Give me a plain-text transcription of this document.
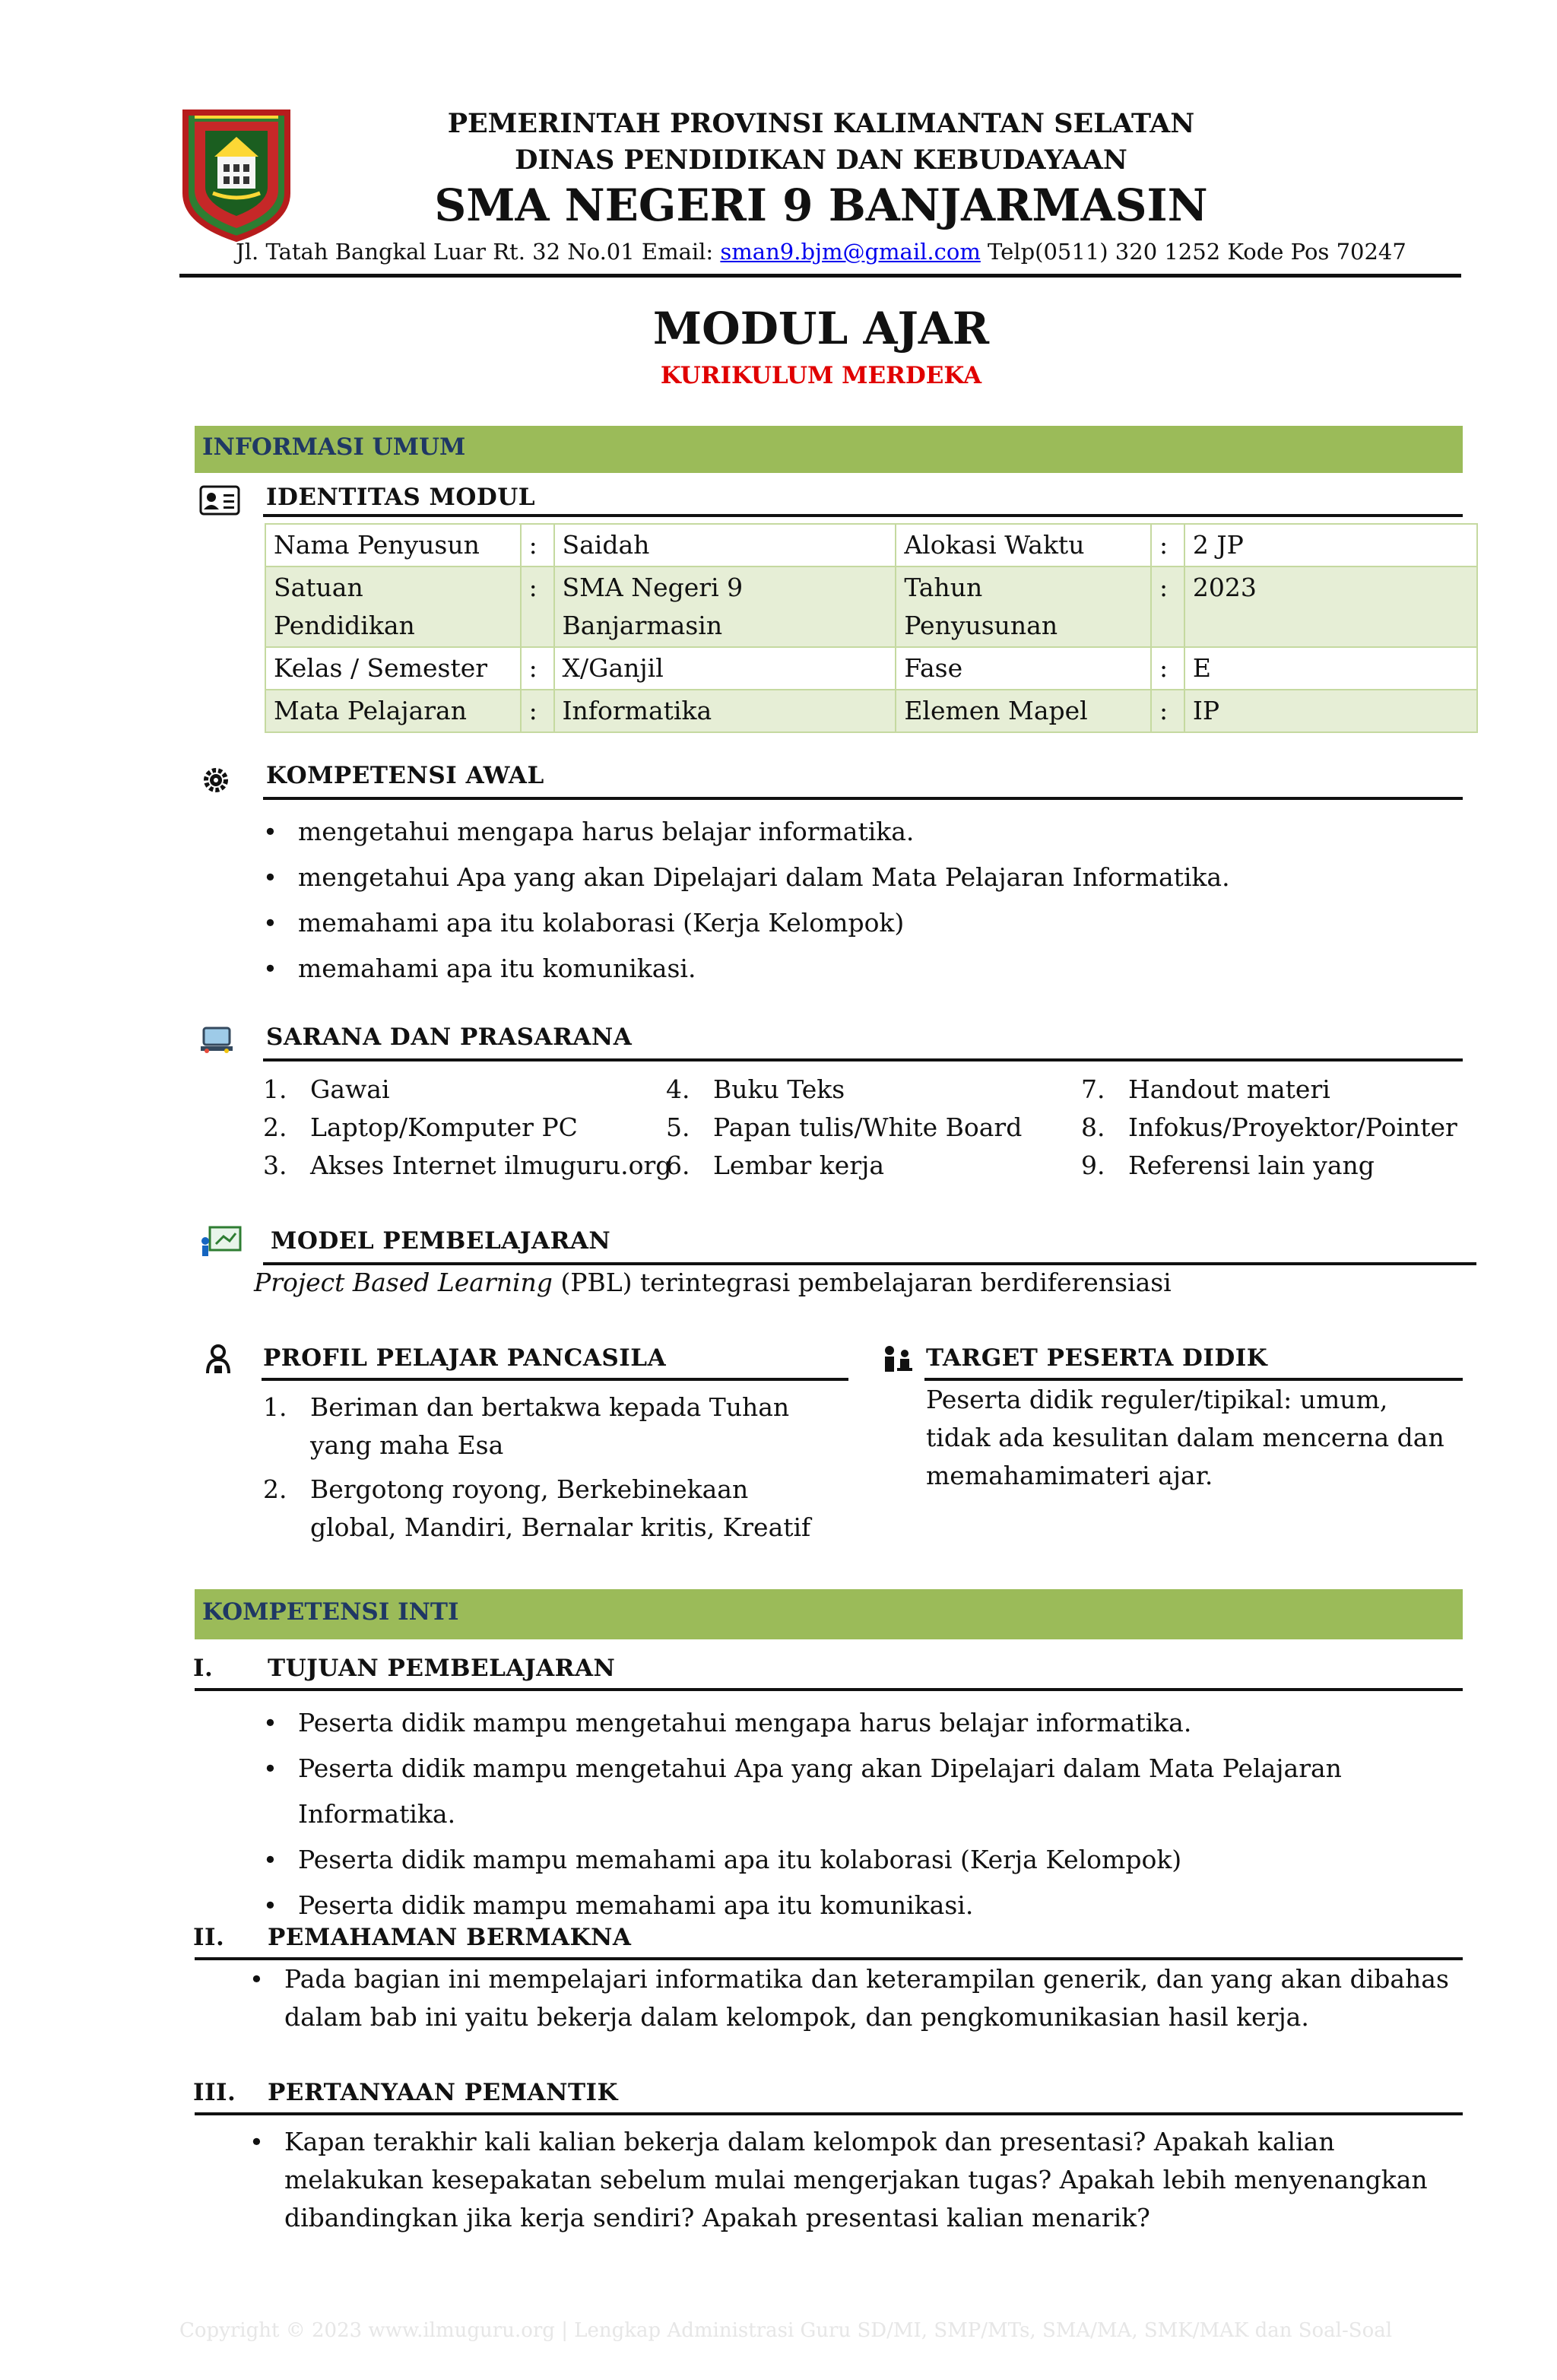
PEMERINTAH PROVINSI KALIMANTAN SELATAN
DINAS PENDIDIKAN DAN KEBUDAYAAN
SMA NEGERI 9 BANJARMASIN
Jl. Tatah Bangkal Luar Rt. 32 No.01 Email: sman9.bjm@gmail.com Telp(0511) 320 1252 Kode Pos 70247
MODUL AJAR
KURIKULUM MERDEKA
INFORMASI UMUM
IDENTITAS MODUL
Nama Penyusun	:	Saidah	Alokasi Waktu	:	2 JP
Satuan Pendidikan	:	SMA Negeri 9 Banjarmasin	Tahun Penyusunan	:	2023
Kelas / Semester	:	X/Ganjil	Fase	:	E
Mata Pelajaran	:	Informatika	Elemen Mapel	:	IP
KOMPETENSI AWAL
• mengetahui mengapa harus belajar informatika.
• mengetahui Apa yang akan Dipelajari dalam Mata Pelajaran Informatika.
• memahami apa itu kolaborasi (Kerja Kelompok)
• memahami apa itu komunikasi.
SARANA DAN PRASARANA
1. Gawai
2. Laptop/Komputer PC
3. Akses Internet ilmuguru.org
4. Buku Teks
5. Papan tulis/White Board
6. Lembar kerja
7. Handout materi
8. Infokus/Proyektor/Pointer
9. Referensi lain yang
MODEL PEMBELAJARAN
Project Based Learning (PBL) terintegrasi pembelajaran berdiferensiasi
PROFIL PELAJAR PANCASILA
1. Beriman dan bertakwa kepada Tuhan yang maha Esa
2. Bergotong royong, Berkebinekaan global, Mandiri, Bernalar kritis, Kreatif
TARGET PESERTA DIDIK
Peserta didik reguler/tipikal: umum, tidak ada kesulitan dalam mencerna dan memahamimateri ajar.
KOMPETENSI INTI
I. TUJUAN PEMBELAJARAN
• Peserta didik mampu mengetahui mengapa harus belajar informatika.
• Peserta didik mampu mengetahui Apa yang akan Dipelajari dalam Mata Pelajaran Informatika.
• Peserta didik mampu memahami apa itu kolaborasi (Kerja Kelompok)
• Peserta didik mampu memahami apa itu komunikasi.
II. PEMAHAMAN BERMAKNA
• Pada bagian ini mempelajari informatika dan keterampilan generik, dan yang akan dibahas dalam bab ini yaitu bekerja dalam kelompok, dan pengkomunikasian hasil kerja.
III. PERTANYAAN PEMANTIK
• Kapan terakhir kali kalian bekerja dalam kelompok dan presentasi? Apakah kalian melakukan kesepakatan sebelum mulai mengerjakan tugas? Apakah lebih menyenangkan dibandingkan jika kerja sendiri? Apakah presentasi kalian menarik?
Copyright © 2023 www.ilmuguru.org | Lengkap Administrasi Guru SD/MI, SMP/MTs, SMA/MA, SMK/MAK dan Soal-Soal
